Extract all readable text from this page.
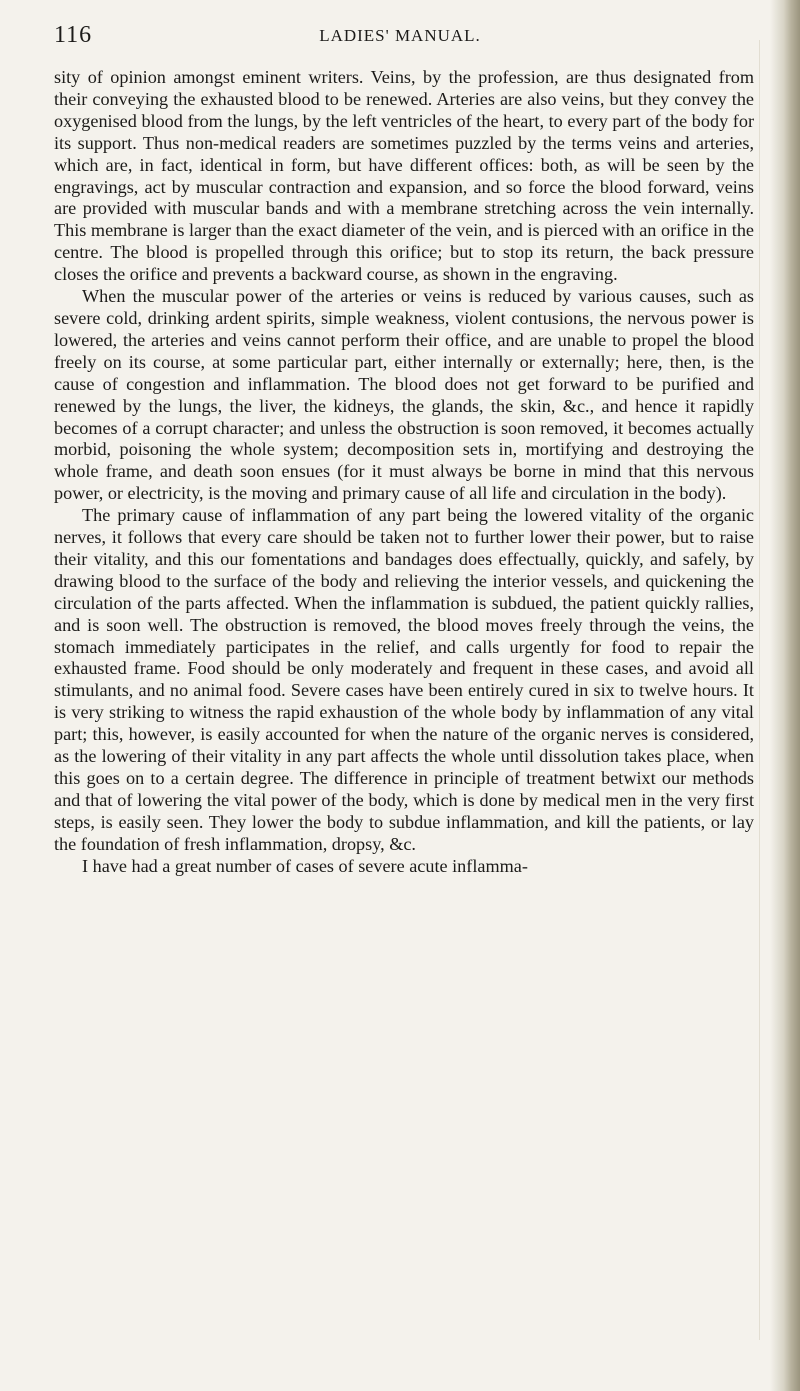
116	LADIES' MANUAL.

sity of opinion amongst eminent writers. Veins, by the profession, are thus designated from their conveying the exhausted blood to be renewed. Arteries are also veins, but they convey the oxygenised blood from the lungs, by the left ventricles of the heart, to every part of the body for its support. Thus non-medical readers are sometimes puzzled by the terms veins and arteries, which are, in fact, identical in form, but have different offices: both, as will be seen by the engravings, act by muscular contraction and expansion, and so force the blood forward, veins are provided with muscular bands and with a membrane stretching across the vein internally. This membrane is larger than the exact diameter of the vein, and is pierced with an orifice in the centre. The blood is propelled through this orifice; but to stop its return, the back pressure closes the orifice and prevents a backward course, as shown in the engraving.

When the muscular power of the arteries or veins is reduced by various causes, such as severe cold, drinking ardent spirits, simple weakness, violent contusions, the nervous power is lowered, the arteries and veins cannot perform their office, and are unable to propel the blood freely on its course, at some particular part, either internally or externally; here, then, is the cause of congestion and inflammation. The blood does not get forward to be purified and renewed by the lungs, the liver, the kidneys, the glands, the skin, &c., and hence it rapidly becomes of a corrupt character; and unless the obstruction is soon removed, it becomes actually morbid, poisoning the whole system; decomposition sets in, mortifying and destroying the whole frame, and death soon ensues (for it must always be borne in mind that this nervous power, or electricity, is the moving and primary cause of all life and circulation in the body).

The primary cause of inflammation of any part being the lowered vitality of the organic nerves, it follows that every care should be taken not to further lower their power, but to raise their vitality, and this our fomentations and bandages does effectually, quickly, and safely, by drawing blood to the surface of the body and relieving the interior vessels, and quickening the circulation of the parts affected. When the inflammation is subdued, the patient quickly rallies, and is soon well. The obstruction is removed, the blood moves freely through the veins, the stomach immediately participates in the relief, and calls urgently for food to repair the exhausted frame. Food should be only moderately and frequent in these cases, and avoid all stimulants, and no animal food. Severe cases have been entirely cured in six to twelve hours. It is very striking to witness the rapid exhaustion of the whole body by inflammation of any vital part; this, however, is easily accounted for when the nature of the organic nerves is considered, as the lowering of their vitality in any part affects the whole until dissolution takes place, when this goes on to a certain degree. The difference in principle of treatment betwixt our methods and that of lowering the vital power of the body, which is done by medical men in the very first steps, is easily seen. They lower the body to subdue inflammation, and kill the patients, or lay the foundation of fresh inflammation, dropsy, &c.

I have had a great number of cases of severe acute inflamma-
